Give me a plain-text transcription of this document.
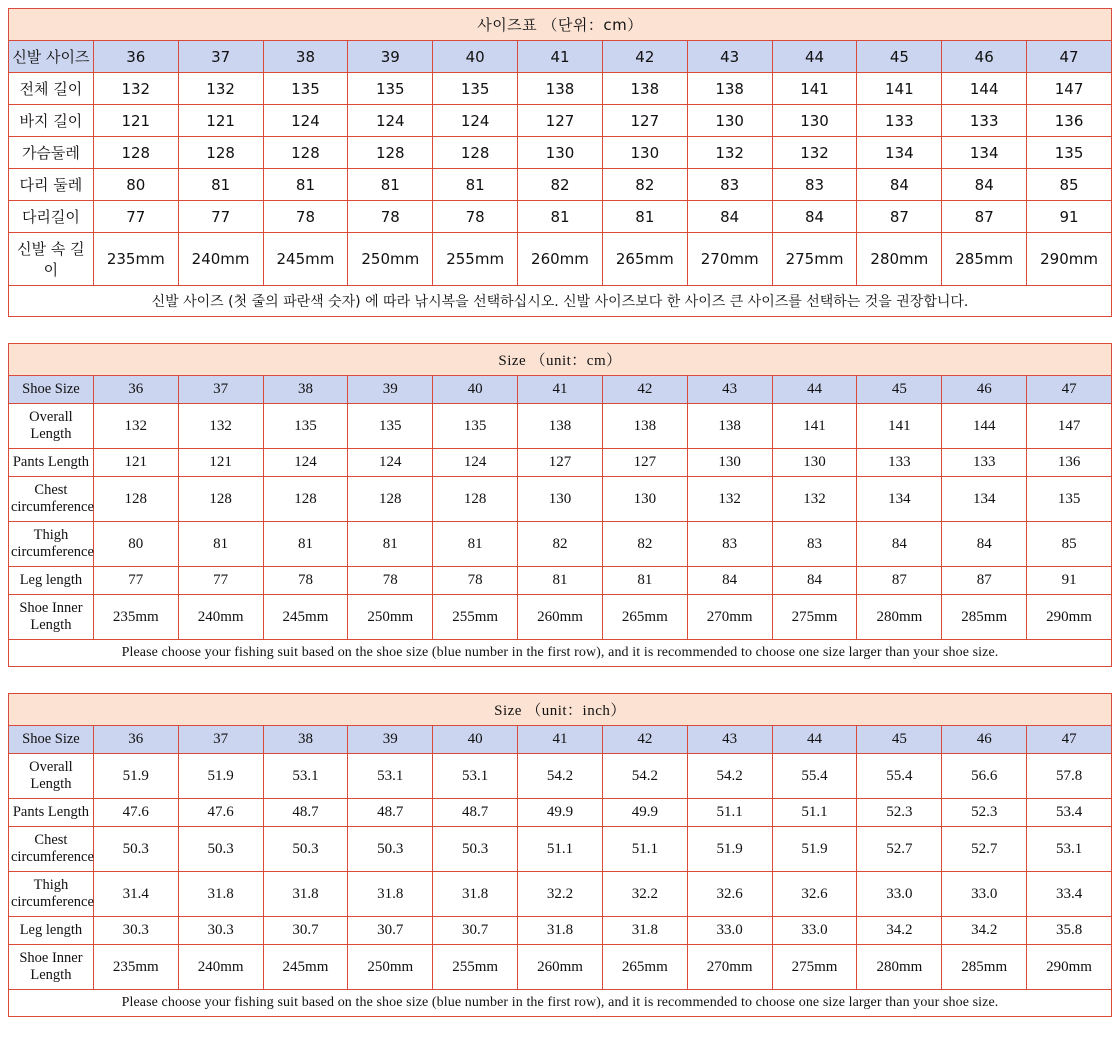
사이즈표 （단위：cm）												
신발 사이즈	36	37	38	39	40	41	42	43	44	45	46	47
전체 길이	132	132	135	135	135	138	138	138	141	141	144	147
바지 길이	121	121	124	124	124	127	127	130	130	133	133	136
가슴둘레	128	128	128	128	128	130	130	132	132	134	134	135
다리 둘레	80	81	81	81	81	82	82	83	83	84	84	85
다리길이	77	77	78	78	78	81	81	84	84	87	87	91
신발 속 길이	235mm	240mm	245mm	250mm	255mm	260mm	265mm	270mm	275mm	280mm	285mm	290mm
신발 사이즈 (첫 줄의 파란색 숫자) 에 따라 낚시복을 선택하십시오. 신발 사이즈보다 한 사이즈 큰 사이즈를 선택하는 것을 권장합니다.												
Size （unit：cm）												
Shoe Size	36	37	38	39	40	41	42	43	44	45	46	47
Overall Length	132	132	135	135	135	138	138	138	141	141	144	147
Pants Length	121	121	124	124	124	127	127	130	130	133	133	136
Chest circumference	128	128	128	128	128	130	130	132	132	134	134	135
Thigh circumference	80	81	81	81	81	82	82	83	83	84	84	85
Leg length	77	77	78	78	78	81	81	84	84	87	87	91
Shoe Inner Length	235mm	240mm	245mm	250mm	255mm	260mm	265mm	270mm	275mm	280mm	285mm	290mm
Please choose your fishing suit based on the shoe size (blue number in the first row), and it is recommended to choose one size larger than your shoe size.												
Size （unit：inch）												
Shoe Size	36	37	38	39	40	41	42	43	44	45	46	47
Overall Length	51.9	51.9	53.1	53.1	53.1	54.2	54.2	54.2	55.4	55.4	56.6	57.8
Pants Length	47.6	47.6	48.7	48.7	48.7	49.9	49.9	51.1	51.1	52.3	52.3	53.4
Chest circumference	50.3	50.3	50.3	50.3	50.3	51.1	51.1	51.9	51.9	52.7	52.7	53.1
Thigh circumference	31.4	31.8	31.8	31.8	31.8	32.2	32.2	32.6	32.6	33.0	33.0	33.4
Leg length	30.3	30.3	30.7	30.7	30.7	31.8	31.8	33.0	33.0	34.2	34.2	35.8
Shoe Inner Length	235mm	240mm	245mm	250mm	255mm	260mm	265mm	270mm	275mm	280mm	285mm	290mm
Please choose your fishing suit based on the shoe size (blue number in the first row), and it is recommended to choose one size larger than your shoe size.												
